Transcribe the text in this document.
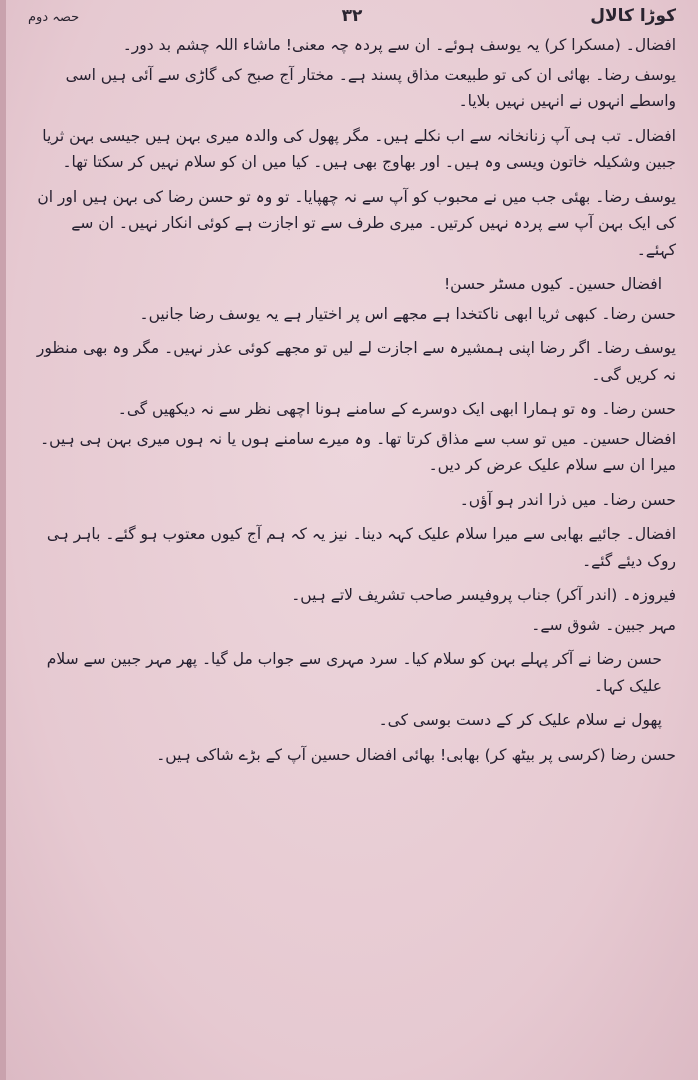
حصہ دوم	۳۲	کوڑا کالال

افضال۔ (مسکرا کر) یہ یوسف ہوئے۔ ان سے پردہ چہ معنی! ماشاء اللہ چشم بد دور۔

یوسف رضا۔ بھائی ان کی تو طبیعت مذاق پسند ہے۔ مختار آج صبح کی گاڑی سے آئی ہیں اسی واسطے انہوں نے انہیں نہیں بلایا۔

افضال۔ تب ہی آپ زنانخانہ سے اب نکلے ہیں۔ مگر پھول کی والدہ میری بہن ہیں جیسی بہن ثریا جبین وشکیلہ خاتون ویسی وہ ہیں۔ اور بھاوج بھی ہیں۔ کیا میں ان کو سلام نہیں کر سکتا تھا۔

یوسف رضا۔ بھئی جب میں نے محبوب کو آپ سے نہ چھپایا۔ تو وہ تو حسن رضا کی بہن ہیں اور ان کی ایک بہن آپ سے پردہ نہیں کرتیں۔ میری طرف سے تو اجازت ہے کوئی انکار نہیں۔ ان سے کہئے۔

افضال حسین۔ کیوں مسٹر حسن!

حسن رضا۔ کبھی ثریا ابھی ناکتخدا ہے مجھے اس پر اختیار ہے یہ یوسف رضا جانیں۔

یوسف رضا۔ اگر رضا اپنی ہمشیرہ سے اجازت لے لیں تو مجھے کوئی عذر نہیں۔ مگر وہ بھی منظور نہ کریں گی۔

حسن رضا۔ وہ تو ہمارا ابھی ایک دوسرے کے سامنے ہونا اچھی نظر سے نہ دیکھیں گی۔

افضال حسین۔ میں تو سب سے مذاق کرتا تھا۔ وہ میرے سامنے ہوں یا نہ ہوں میری بہن ہی ہیں۔ میرا ان سے سلام علیک عرض کر دیں۔

حسن رضا۔ میں ذرا اندر ہو آؤں۔

افضال۔ جائیے بھابی سے میرا سلام علیک کہہ دینا۔ نیز یہ کہ ہم آج کیوں معتوب ہو گئے۔ باہر ہی روک دیئے گئے۔

فیروزہ۔ (اندر آکر) جناب پروفیسر صاحب تشریف لاتے ہیں۔

مہر جبین۔ شوق سے۔

حسن رضا نے آکر پہلے بہن کو سلام کیا۔ سرد مہری سے جواب مل گیا۔ پھر مہر جبین سے سلام علیک کہا۔

پھول نے سلام علیک کر کے دست بوسی کی۔

حسن رضا (کرسی پر بیٹھ کر) بھابی! بھائی افضال حسین آپ کے بڑے شاکی ہیں۔
